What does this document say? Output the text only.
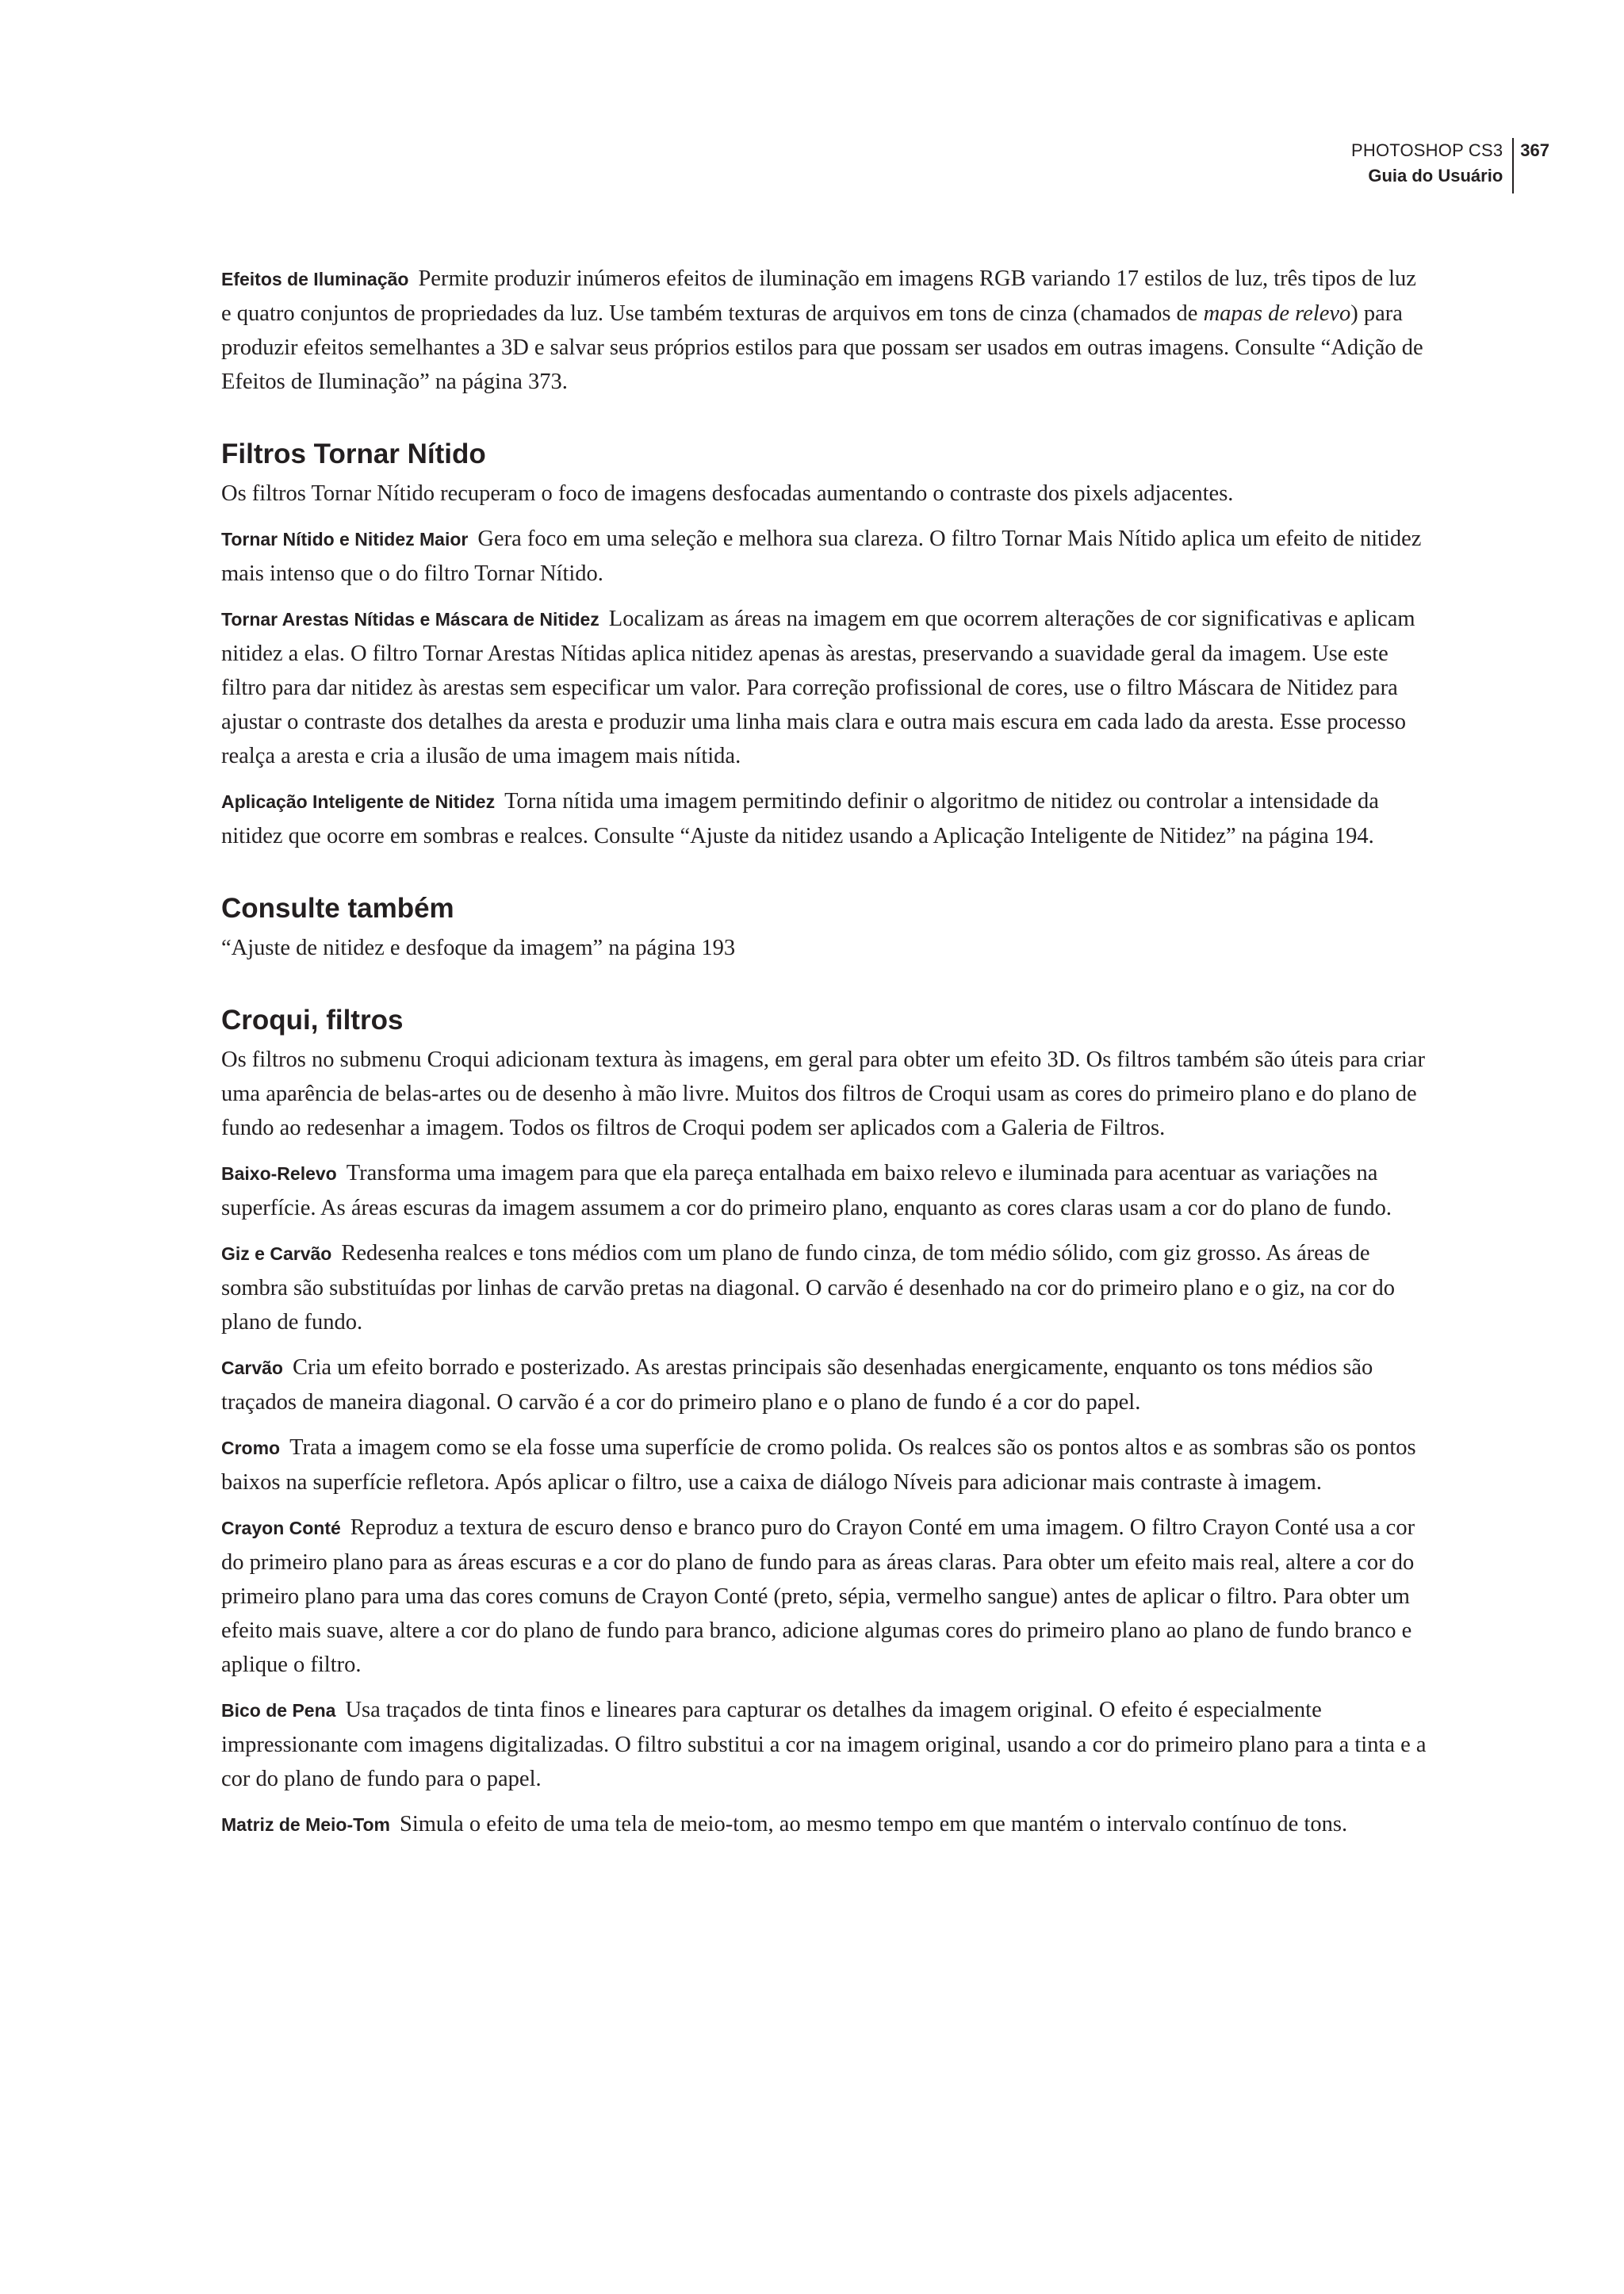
PHOTOSHOP CS3
Guia do Usuário
367

Efeitos de Iluminação Permite produzir inúmeros efeitos de iluminação em imagens RGB variando 17 estilos de luz, três tipos de luz e quatro conjuntos de propriedades da luz. Use também texturas de arquivos em tons de cinza (chamados de mapas de relevo) para produzir efeitos semelhantes a 3D e salvar seus próprios estilos para que possam ser usados em outras imagens. Consulte “Adição de Efeitos de Iluminação” na página 373.

Filtros Tornar Nítido

Os filtros Tornar Nítido recuperam o foco de imagens desfocadas aumentando o contraste dos pixels adjacentes.

Tornar Nítido e Nitidez Maior Gera foco em uma seleção e melhora sua clareza. O filtro Tornar Mais Nítido aplica um efeito de nitidez mais intenso que o do filtro Tornar Nítido.

Tornar Arestas Nítidas e Máscara de Nitidez Localizam as áreas na imagem em que ocorrem alterações de cor significativas e aplicam nitidez a elas. O filtro Tornar Arestas Nítidas aplica nitidez apenas às arestas, preservando a suavidade geral da imagem. Use este filtro para dar nitidez às arestas sem especificar um valor. Para correção profissional de cores, use o filtro Máscara de Nitidez para ajustar o contraste dos detalhes da aresta e produzir uma linha mais clara e outra mais escura em cada lado da aresta. Esse processo realça a aresta e cria a ilusão de uma imagem mais nítida.

Aplicação Inteligente de Nitidez Torna nítida uma imagem permitindo definir o algoritmo de nitidez ou controlar a intensidade da nitidez que ocorre em sombras e realces. Consulte “Ajuste da nitidez usando a Aplicação Inteligente de Nitidez” na página 194.

Consulte também

“Ajuste de nitidez e desfoque da imagem” na página 193

Croqui, filtros

Os filtros no submenu Croqui adicionam textura às imagens, em geral para obter um efeito 3D. Os filtros também são úteis para criar uma aparência de belas-artes ou de desenho à mão livre. Muitos dos filtros de Croqui usam as cores do primeiro plano e do plano de fundo ao redesenhar a imagem. Todos os filtros de Croqui podem ser aplicados com a Galeria de Filtros.

Baixo-Relevo Transforma uma imagem para que ela pareça entalhada em baixo relevo e iluminada para acentuar as variações na superfície. As áreas escuras da imagem assumem a cor do primeiro plano, enquanto as cores claras usam a cor do plano de fundo.

Giz e Carvão Redesenha realces e tons médios com um plano de fundo cinza, de tom médio sólido, com giz grosso. As áreas de sombra são substituídas por linhas de carvão pretas na diagonal. O carvão é desenhado na cor do primeiro plano e o giz, na cor do plano de fundo.

Carvão Cria um efeito borrado e posterizado. As arestas principais são desenhadas energicamente, enquanto os tons médios são traçados de maneira diagonal. O carvão é a cor do primeiro plano e o plano de fundo é a cor do papel.

Cromo Trata a imagem como se ela fosse uma superfície de cromo polida. Os realces são os pontos altos e as sombras são os pontos baixos na superfície refletora. Após aplicar o filtro, use a caixa de diálogo Níveis para adicionar mais contraste à imagem.

Crayon Conté Reproduz a textura de escuro denso e branco puro do Crayon Conté em uma imagem. O filtro Crayon Conté usa a cor do primeiro plano para as áreas escuras e a cor do plano de fundo para as áreas claras. Para obter um efeito mais real, altere a cor do primeiro plano para uma das cores comuns de Crayon Conté (preto, sépia, vermelho sangue) antes de aplicar o filtro. Para obter um efeito mais suave, altere a cor do plano de fundo para branco, adicione algumas cores do primeiro plano ao plano de fundo branco e aplique o filtro.

Bico de Pena Usa traçados de tinta finos e lineares para capturar os detalhes da imagem original. O efeito é especialmente impressionante com imagens digitalizadas. O filtro substitui a cor na imagem original, usando a cor do primeiro plano para a tinta e a cor do plano de fundo para o papel.

Matriz de Meio-Tom Simula o efeito de uma tela de meio-tom, ao mesmo tempo em que mantém o intervalo contínuo de tons.
